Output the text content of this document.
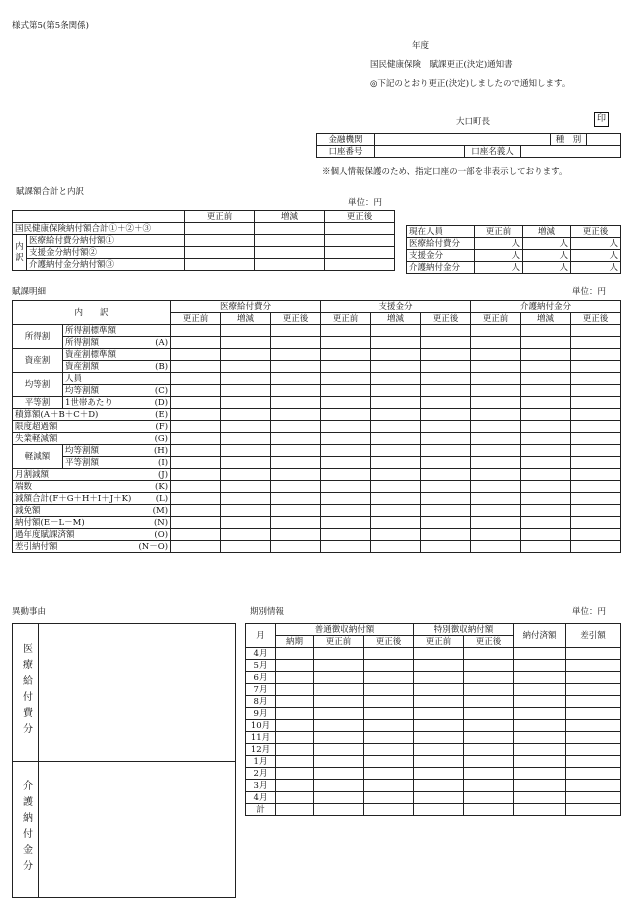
様式第5(第5条関係)
年度
国民健康保険　賦課更正(決定)通知書
◎下記のとおり更正(決定)しましたので通知します。
大口町長	印
金融機関				種　別	
口座番号		口座名義人			
※個人情報保護のため、指定口座の一部を非表示しております。
賦課額合計と内訳
単位：円
		更正前	増減	更正後
国民健康保険納付額合計①＋②＋③				
内訳	医療給付費分納付額①			
	支援金分納付額②			
	介護納付金分納付額③			
現在人員	更正前	増減	更正後
医療給付費分	人	人	人
支援金分	人	人	人
介護納付金分	人	人	人
賦課明細	単位：円
内　　訳		医療給付費分			支援金分			介護納付金分		
		更正前	増減	更正後	更正前	増減	更正後	更正前	増減	更正後
所得割	所得割標準額									

	所得割額 (A)									

資産割	資産割標準額									

	資産割額 (B)									

均等割	人員									

	均等割額 (C)									

平等割	1世帯あたり (D)									

積算額(A＋B＋C＋D) (E)										

限度超過額 (F)										

失業軽減額 (G)										

軽減額	均等割額 (H)									

	平等割額 (I)									

月割減額 (J)										

端数 (K)										

減額合計(F＋G＋H＋I＋J＋K) (L)										

減免額 (M)										

納付額(E－L－M) (N)										

過年度賦課済額 (O)										

差引納付額 (N－O)										

異動事由
医療給付費分	
介護納付金分	
期別情報	単位：円
月	普通徴収納付額			特別徴収納付額		納付済額	差引額
	納期	更正前	更正後	更正前	更正後		
4月							
5月							
6月							
7月							
8月							
9月							
10月							
11月							
12月							
1月							
2月							
3月							
4月							
計							
